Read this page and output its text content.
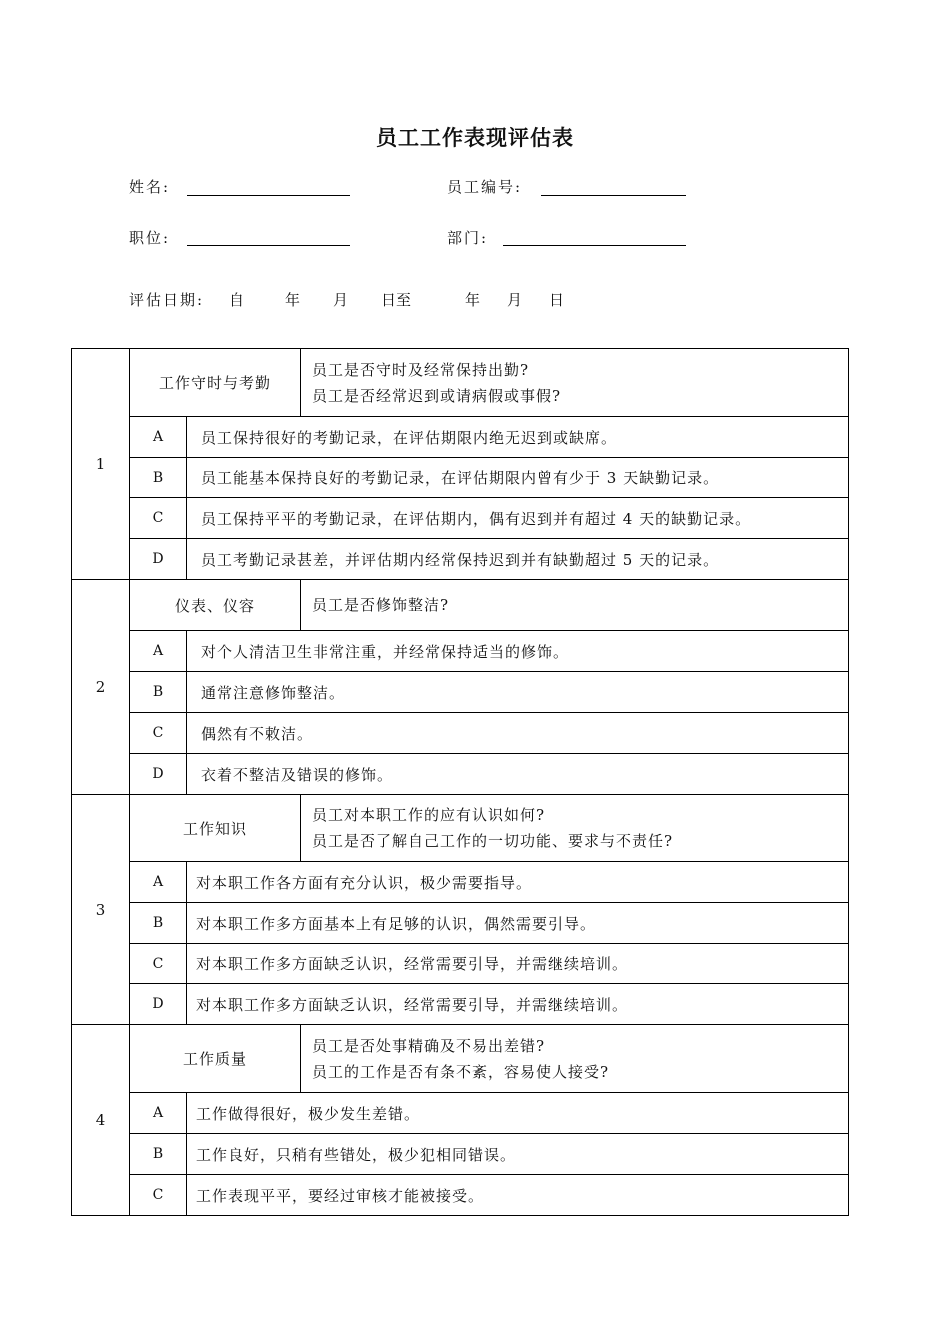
员工工作表现评估表
姓名:	员工编号:
职位:	部门:
评估日期: 自	年 月 日至	年 月 日
1	工作守时与考勤		员工是否守时及经常保持出勤?
员工是否经常迟到或请病假或事假?

	A	员工保持很好的考勤记录，在评估期限内绝无迟到或缺席。	
	B	员工能基本保持良好的考勤记录，在评估期限内曾有少于 3 天缺勤记录。	
	C	员工保持平平的考勤记录，在评估期内，偶有迟到并有超过 4 天的缺勤记录。	
	D	员工考勤记录甚差，并评估期内经常保持迟到并有缺勤超过 5 天的记录。	
2	仪表、仪容		员工是否修饰整洁?

	A	对个人清洁卫生非常注重，并经常保持适当的修饰。	
	B	通常注意修饰整洁。	
	C	偶然有不敕洁。	
	D	衣着不整洁及错误的修饰。	
3	工作知识		员工对本职工作的应有认识如何?
员工是否了解自己工作的一切功能、要求与不责任?

	A	对本职工作各方面有充分认识，极少需要指导。	
	B	对本职工作多方面基本上有足够的认识，偶然需要引导。	
	C	对本职工作多方面缺乏认识，经常需要引导，并需继续培训。	
	D	对本职工作多方面缺乏认识，经常需要引导，并需继续培训。	
4	工作质量		员工是否处事精确及不易出差错?
员工的工作是否有条不紊，容易使人接受?

	A	工作做得很好，极少发生差错。	
	B	工作良好，只稍有些错处，极少犯相同错误。	
	C	工作表现平平，要经过审核才能被接受。	
